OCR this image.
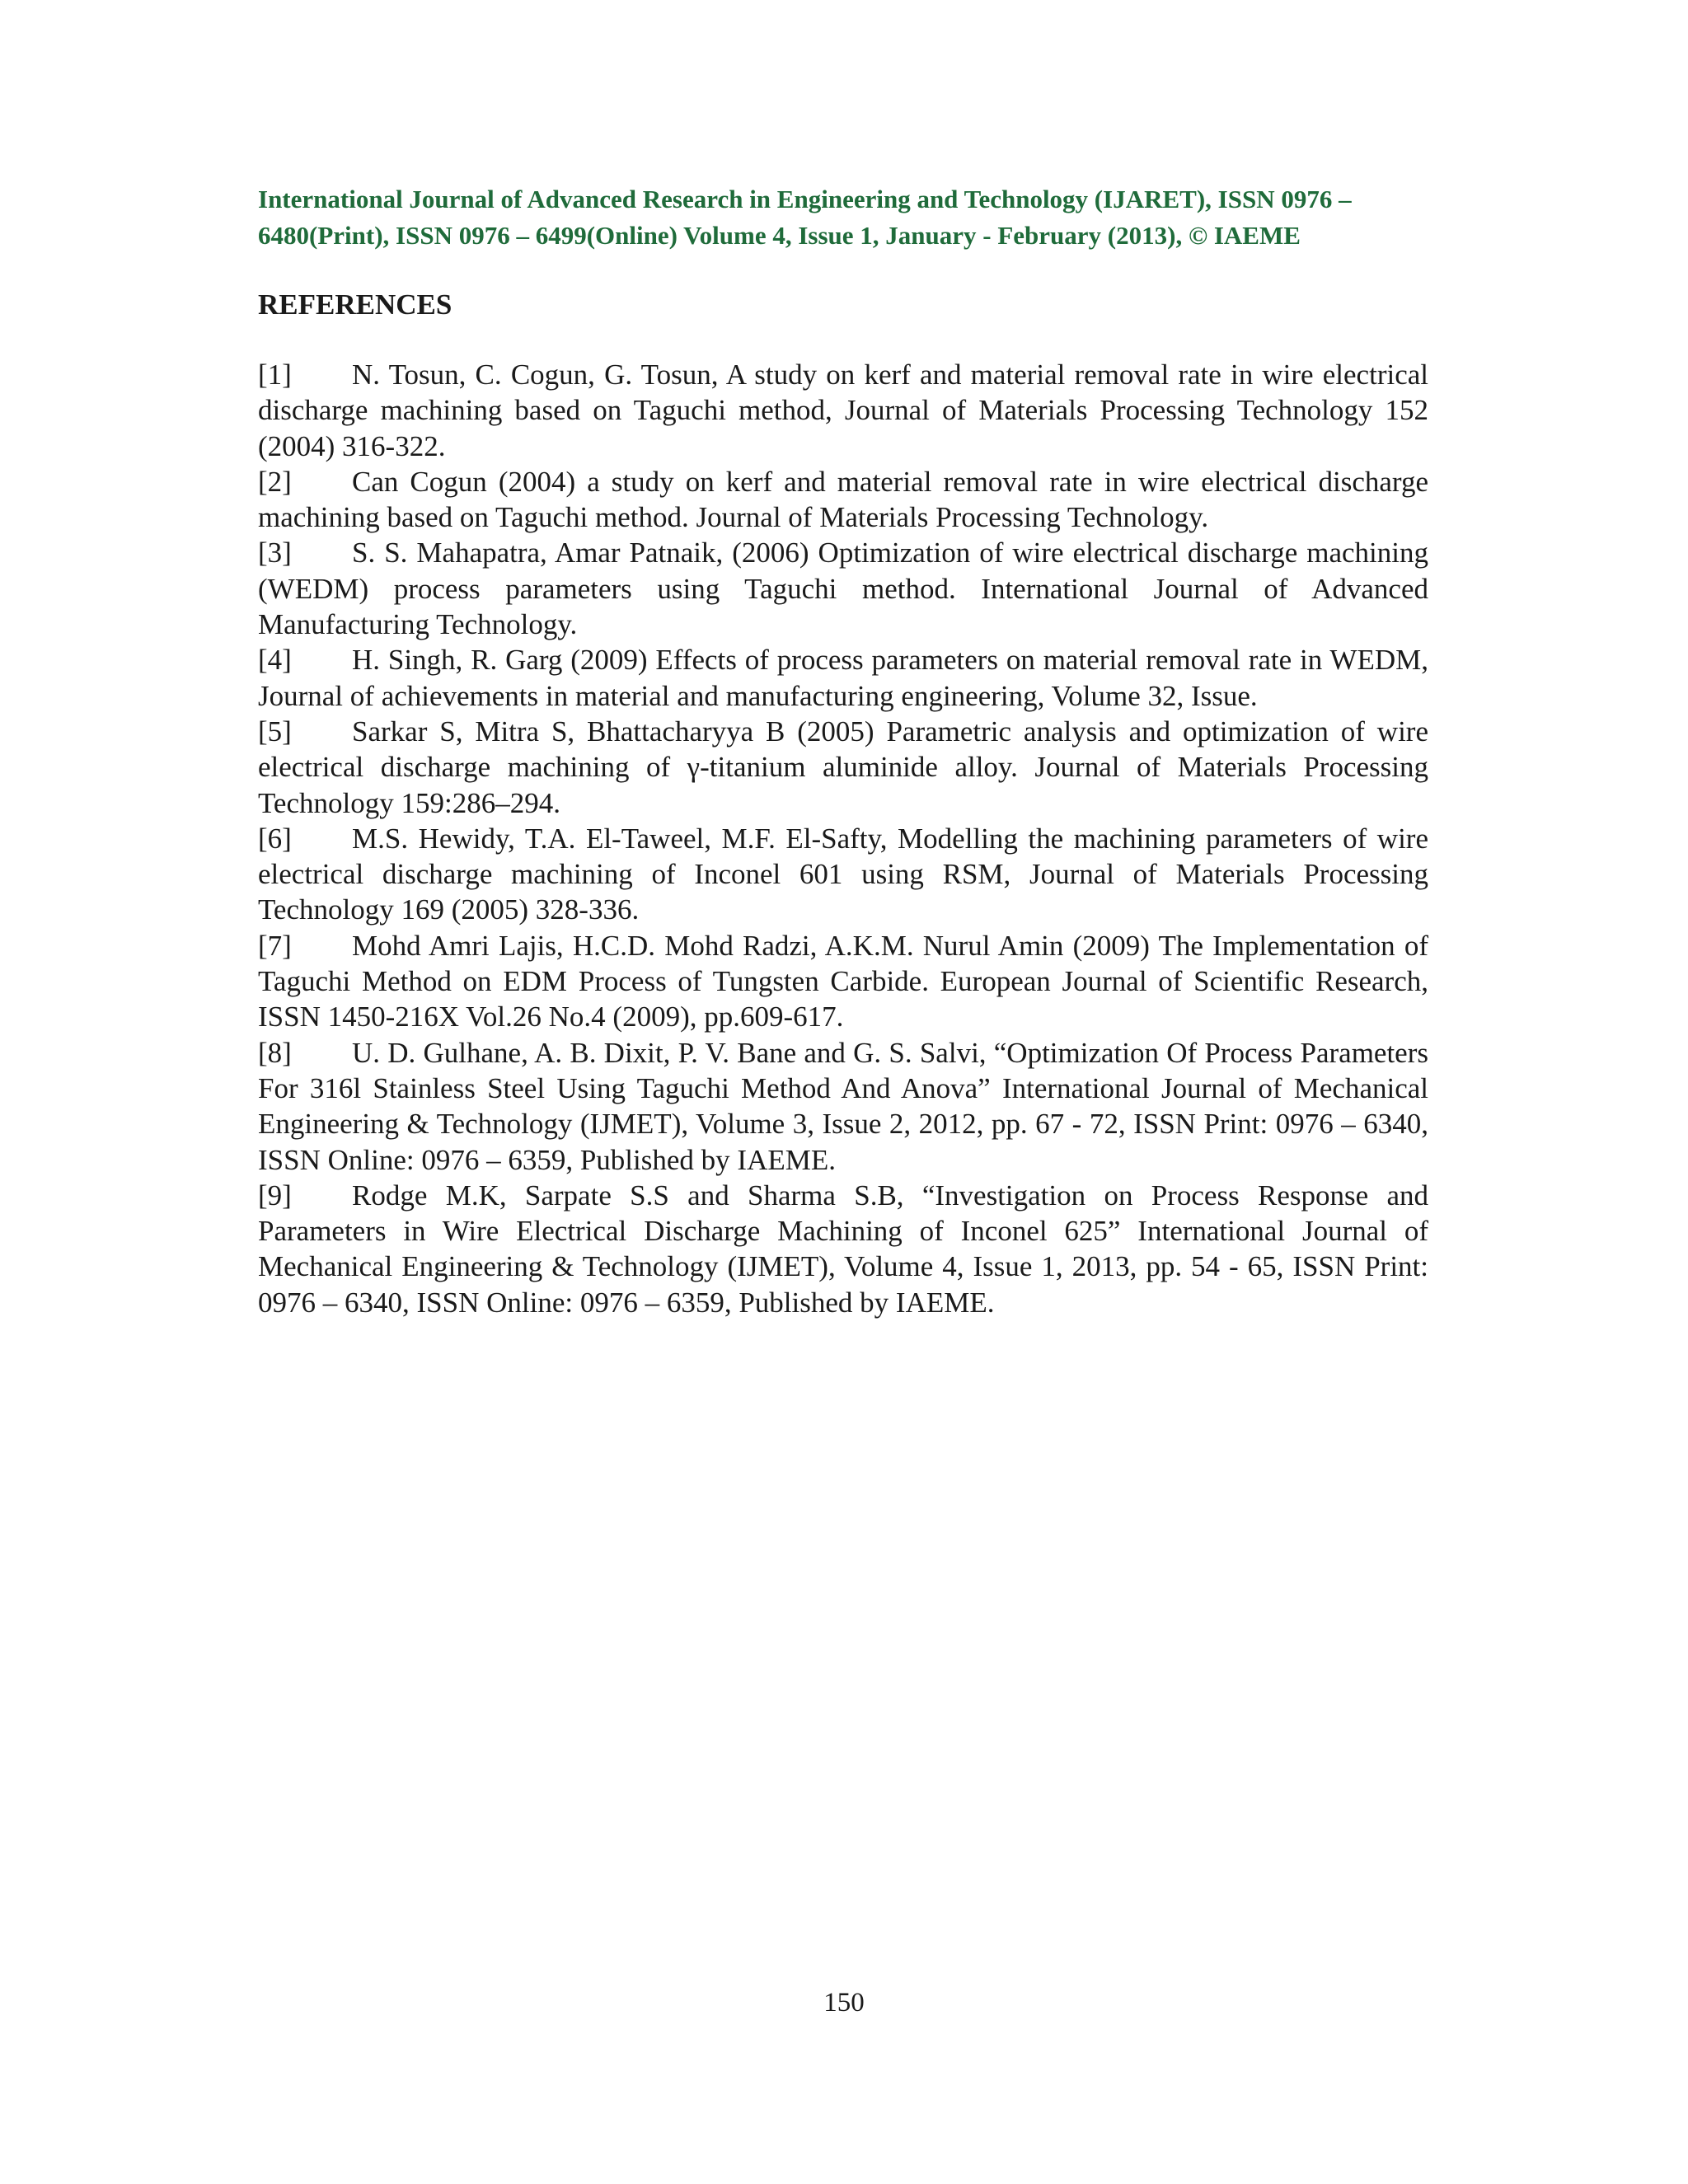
International Journal of Advanced Research in Engineering and Technology (IJARET), ISSN 0976 –
6480(Print), ISSN 0976 – 6499(Online) Volume 4, Issue 1, January - February (2013), © IAEME
REFERENCES
[1] N. Tosun, C. Cogun, G. Tosun, A study on kerf and material removal rate in wire electrical discharge machining based on Taguchi method, Journal of Materials Processing Technology 152 (2004) 316-322.
[2] Can Cogun (2004) a study on kerf and material removal rate in wire electrical discharge machining based on Taguchi method. Journal of Materials Processing Technology.
[3] S. S. Mahapatra, Amar Patnaik, (2006) Optimization of wire electrical discharge machining (WEDM) process parameters using Taguchi method. International Journal of Advanced Manufacturing Technology.
[4] H. Singh, R. Garg (2009) Effects of process parameters on material removal rate in WEDM, Journal of achievements in material and manufacturing engineering, Volume 32, Issue.
[5] Sarkar S, Mitra S, Bhattacharyya B (2005) Parametric analysis and optimization of wire electrical discharge machining of γ-titanium aluminide alloy. Journal of Materials Processing Technology 159:286–294.
[6] M.S. Hewidy, T.A. El-Taweel, M.F. El-Safty, Modelling the machining parameters of wire electrical discharge machining of Inconel 601 using RSM, Journal of Materials Processing Technology 169 (2005) 328-336.
[7] Mohd Amri Lajis, H.C.D. Mohd Radzi, A.K.M. Nurul Amin (2009) The Implementation of Taguchi Method on EDM Process of Tungsten Carbide. European Journal of Scientific Research, ISSN 1450-216X Vol.26 No.4 (2009), pp.609-617.
[8] U. D. Gulhane, A. B. Dixit, P. V. Bane and G. S. Salvi, “Optimization Of Process Parameters For 316l Stainless Steel Using Taguchi Method And Anova” International Journal of Mechanical Engineering & Technology (IJMET), Volume 3, Issue 2, 2012, pp. 67 - 72, ISSN Print: 0976 – 6340, ISSN Online: 0976 – 6359, Published by IAEME.
[9] Rodge M.K, Sarpate S.S and Sharma S.B, “Investigation on Process Response and Parameters in Wire Electrical Discharge Machining of Inconel 625” International Journal of Mechanical Engineering & Technology (IJMET), Volume 4, Issue 1, 2013, pp. 54 - 65, ISSN Print: 0976 – 6340, ISSN Online: 0976 – 6359, Published by IAEME.
150
